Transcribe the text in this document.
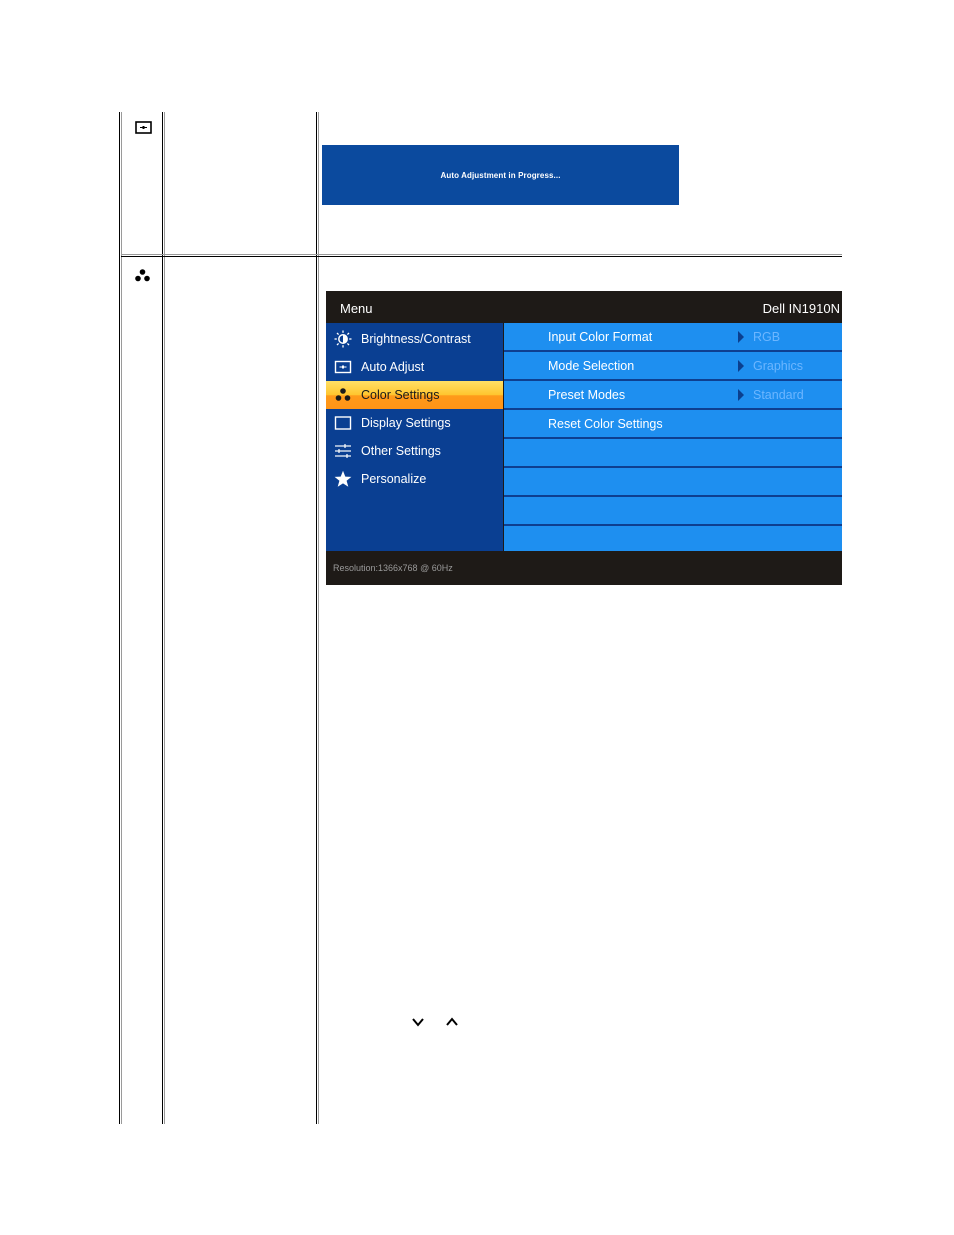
Auto Adjustment in Progress...
Menu	Dell IN1910N
Brightness/Contrast
Auto Adjust
Color Settings
Display Settings
Other Settings
Personalize
Input Color Format	RGB
Mode Selection	Graphics
Preset Modes	Standard
Reset Color Settings
Resolution:1366x768 @ 60Hz
